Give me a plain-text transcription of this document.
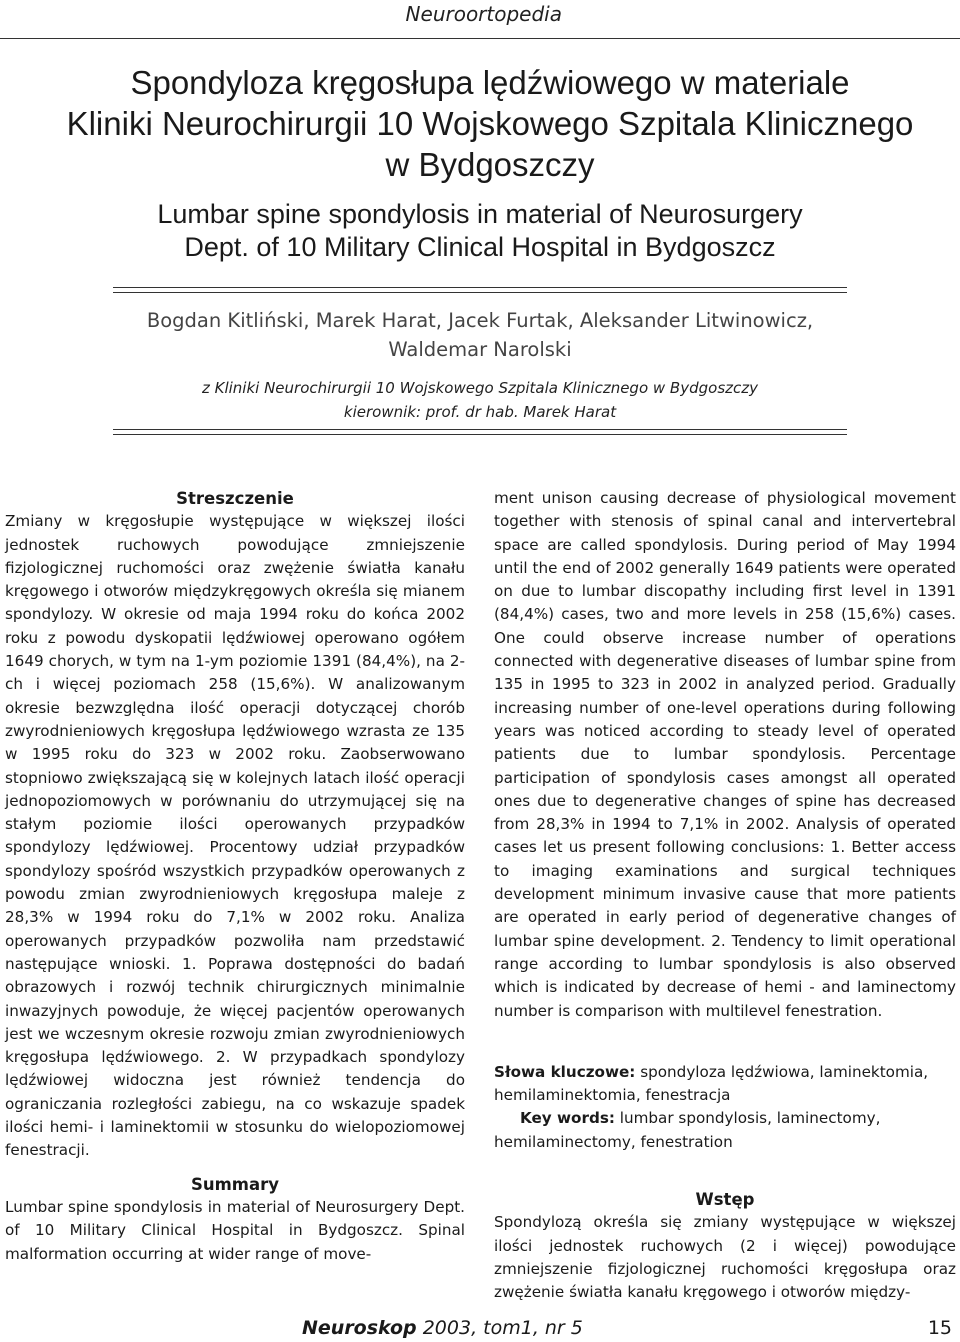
Neuroortopedia
Spondyloza kręgosłupa lędźwiowego w materiale
Kliniki Neurochirurgii 10 Wojskowego Szpitala Klinicznego
w Bydgoszczy
Lumbar spine spondylosis in material of Neurosurgery
Dept. of 10 Military Clinical Hospital in Bydgoszcz
Bogdan Kitliński, Marek Harat, Jacek Furtak, Aleksander Litwinowicz,
Waldemar Narolski
z Kliniki Neurochirurgii 10 Wojskowego Szpitala Klinicznego w Bydgoszczy
kierownik: prof. dr hab. Marek Harat
Streszczenie

Zmiany w kręgosłupie występujące w większej ilości jednostek ruchowych powodujące zmniejszenie fizjologicznej ruchomości oraz zwężenie światła kanału kręgowego i otworów międzykręgowych określa się mianem spondylozy. W okresie od maja 1994 roku do końca 2002 roku z powodu dyskopatii lędźwiowej operowano ogółem 1649 chorych, w tym na 1-ym poziomie 1391 (84,4%), na 2-ch i więcej poziomach 258 (15,6%). W analizowanym okresie bezwzględna ilość operacji dotyczącej chorób zwyrodnieniowych kręgosłupa lędźwiowego wzrasta ze 135 w 1995 roku do 323 w 2002 roku. Zaobserwowano stopniowo zwiększającą się w kolejnych latach ilość operacji jednopoziomowych w porównaniu do utrzymującej się na stałym poziomie ilości operowanych przypadków spondylozy lędźwiowej. Procentowy udział przypadków spondylozy spośród wszystkich przypadków operowanych z powodu zmian zwyrodnieniowych kręgosłupa maleje z 28,3% w 1994 roku do 7,1% w 2002 roku. Analiza operowanych przypadków pozwoliła nam przedstawić następujące wnioski. 1. Poprawa dostępności do badań obrazowych i rozwój technik chirurgicznych minimalnie inwazyjnych powoduje, że więcej pacjentów operowanych jest we wczesnym okresie rozwoju zmian zwyrodnieniowych kręgosłupa lędźwiowego. 2. W przypadkach spondylozy lędźwiowej widoczna jest również tendencja do ograniczania rozległości zabiegu, na co wskazuje spadek ilości hemi- i laminektomii w stosunku do wielopoziomowej fenestracji.

Summary

Lumbar spine spondylosis in material of Neurosurgery Dept. of 10 Military Clinical Hospital in Bydgoszcz. Spinal malformation occurring at wider range of move-

ment unison causing decrease of physiological movement together with stenosis of spinal canal and intervertebral space are called spondylosis. During period of May 1994 until the end of 2002 generally 1649 patients were operated on due to lumbar discopathy including first level in 1391 (84,4%) cases, two and more levels in 258 (15,6%) cases. One could observe increase number of operations connected with degenerative diseases of lumbar spine from 135 in 1995 to 323 in 2002 in analyzed period. Gradually increasing number of one-level operations during following years was noticed according to steady level of operated patients due to lumbar spondylosis. Percentage participation of spondylosis cases amongst all operated ones due to degenerative changes of spine has decreased from 28,3% in 1994 to 7,1% in 2002. Analysis of operated cases let us present following conclusions: 1. Better access to imaging examinations and surgical techniques development minimum invasive cause that more patients are operated in early period of degenerative changes of lumbar spine development. 2. Tendency to limit operational range according to lumbar spondylosis is also observed which is indicated by decrease of hemi - and laminectomy number is comparison with multilevel fenestration.

Słowa kluczowe: spondyloza lędźwiowa, laminektomia, hemilaminektomia, fenestracja

Key words: lumbar spondylosis, laminectomy, hemilaminectomy, fenestration

Wstęp

Spondylozą określa się zmiany występujące w większej ilości jednostek ruchowych (2 i więcej) powodujące zmniejszenie fizjologicznej ruchomości kręgosłupa oraz zwężenie światła kanału kręgowego i otworów między-

Neuroskop 2003, tom1, nr 5	15
